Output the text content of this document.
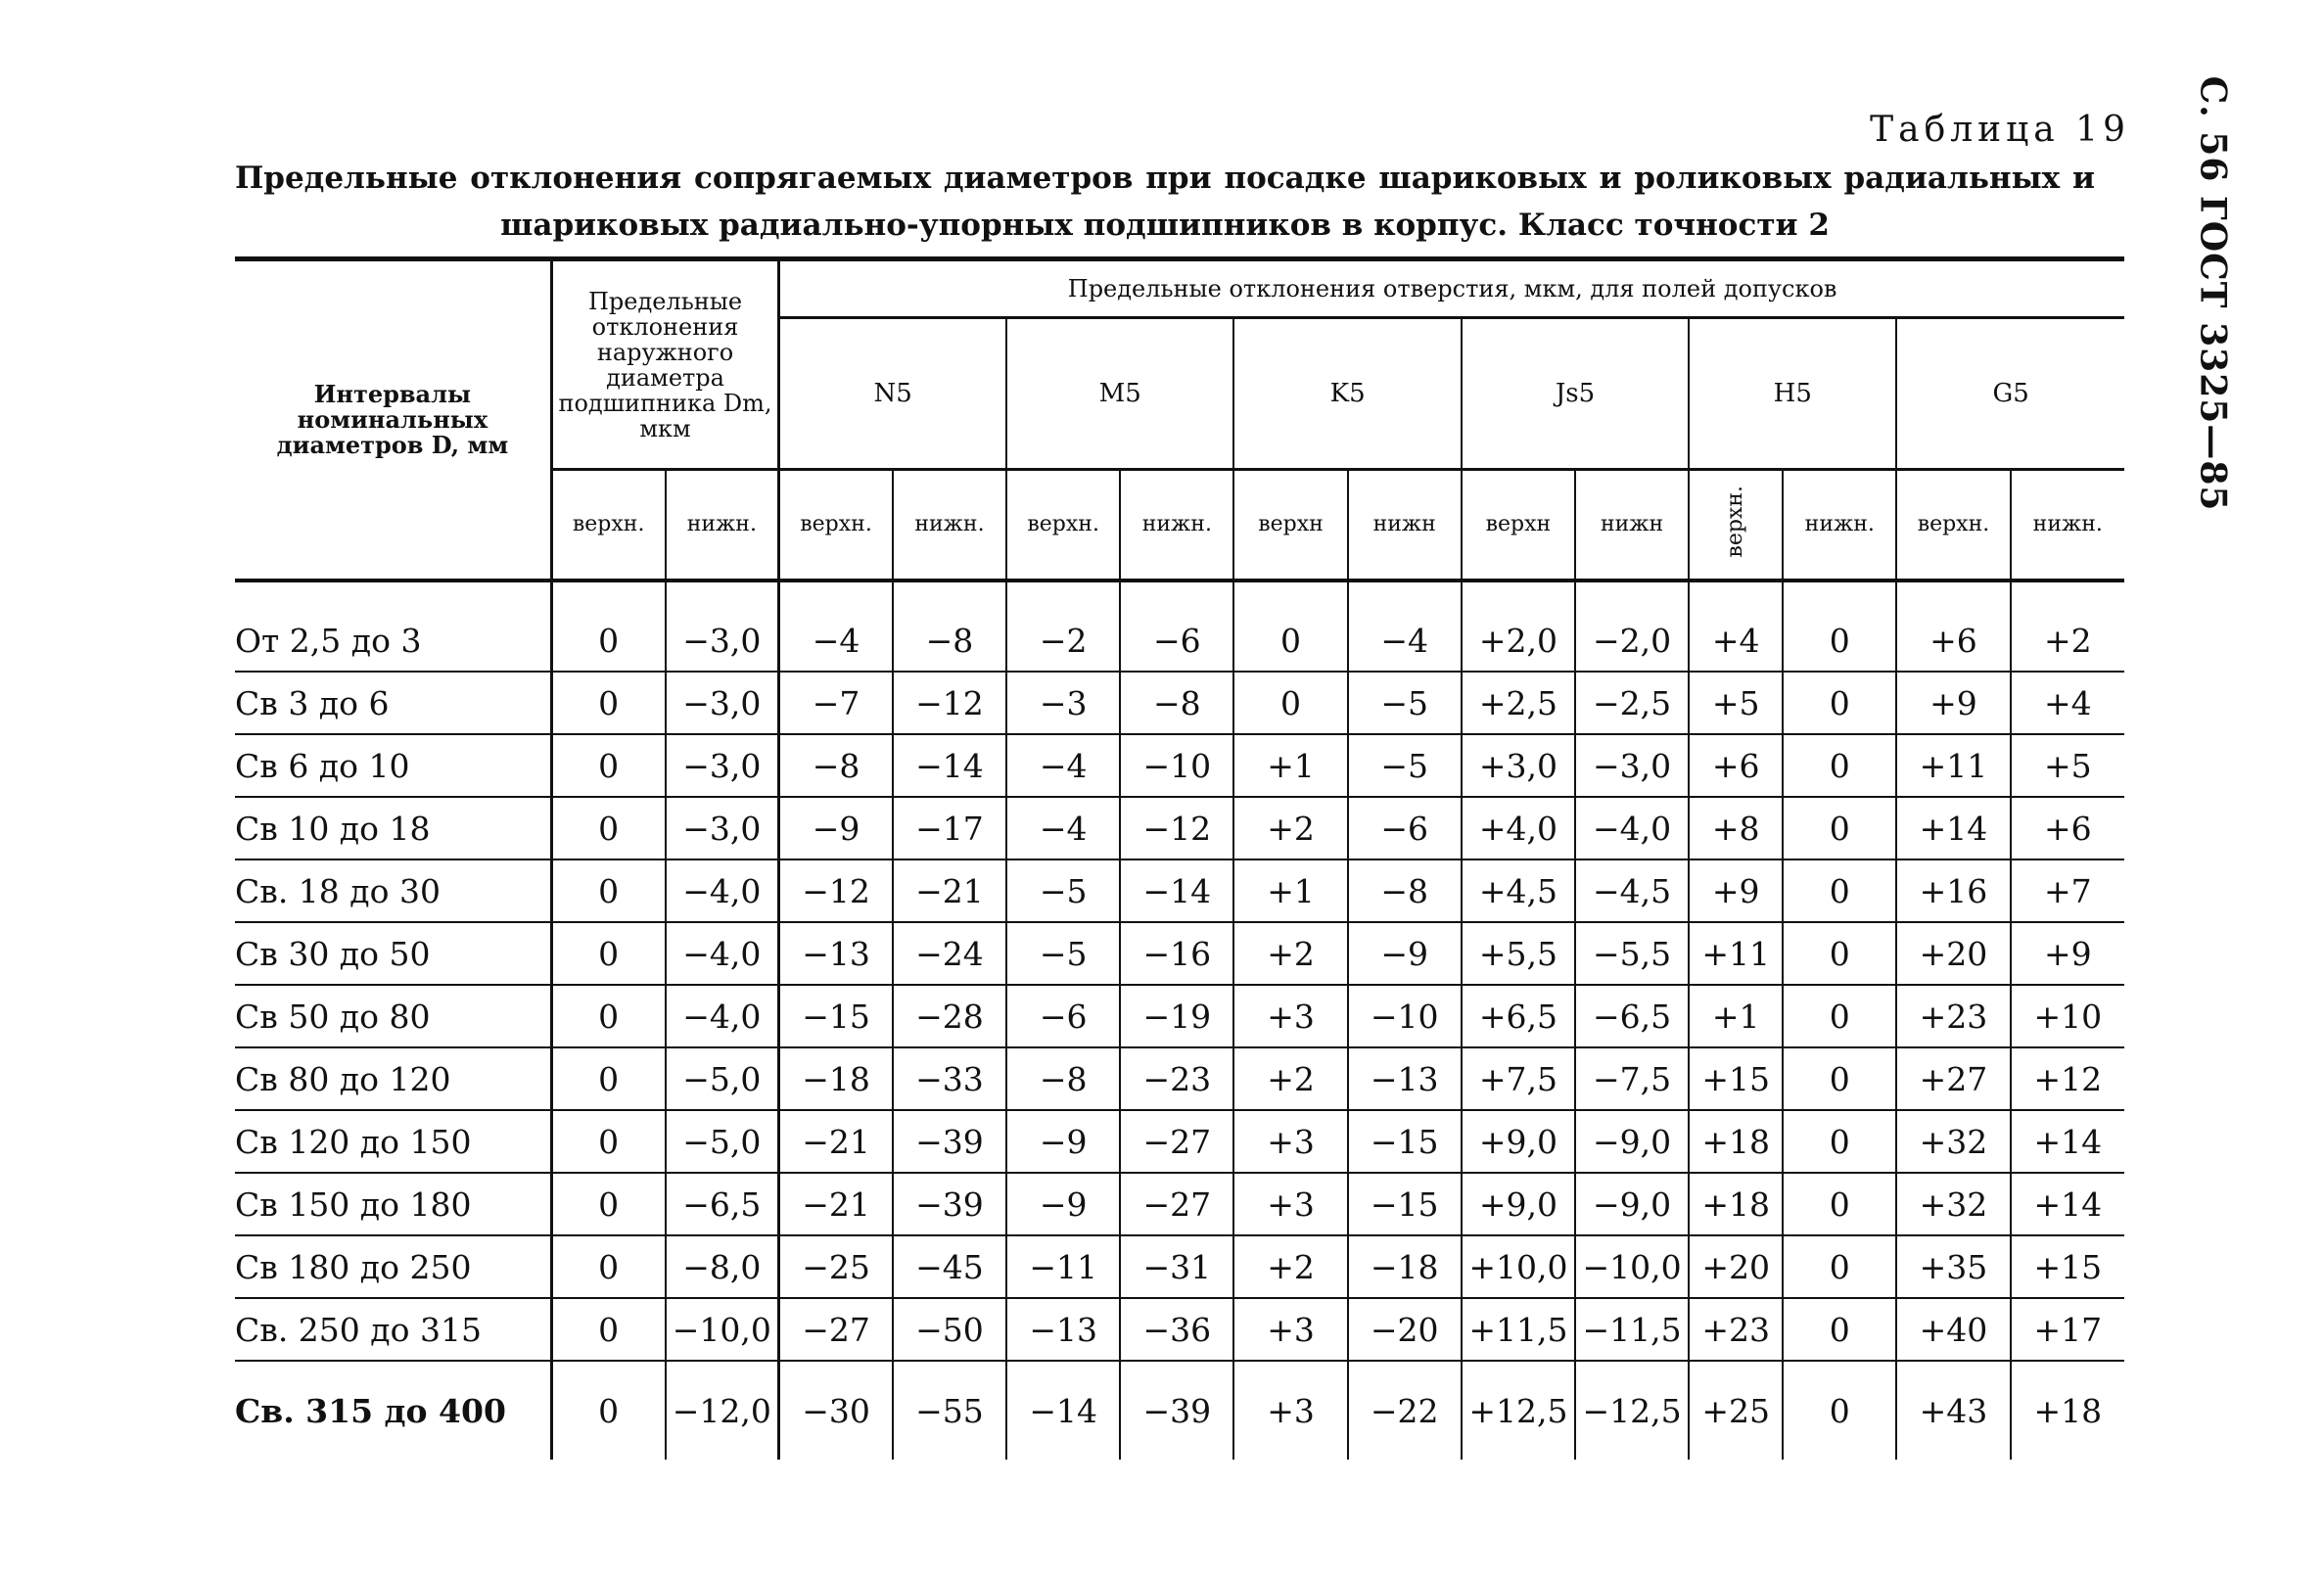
С. 56 ГОСТ 3325—85
Таблица 19
Предельные отклонения сопрягаемых диаметров при посадке шариковых и роликовых радиальных и
шариковых радиально-упорных подшипников в корпус. Класс точности 2
Интервалы номинальных диаметров D, мм	Предельные отклонения наружного диаметра подшипника Dm, мкм		Предельные отклонения отверстия, мкм, для полей допусков											
			N5		M5		K5		Js5		H5		G5	
	верхн.	нижн.	верхн.	нижн.	верхн.	нижн.	верхн	нижн	верхн	нижн	верхн.	нижн.	верхн.	нижн.
От 2,5 до 3	0	−3,0	−4	−8	−2	−6	0	−4	+2,0	−2,0	+4	0	+6	+2
Св 3 до 6	0	−3,0	−7	−12	−3	−8	0	−5	+2,5	−2,5	+5	0	+9	+4
Св 6 до 10	0	−3,0	−8	−14	−4	−10	+1	−5	+3,0	−3,0	+6	0	+11	+5
Св 10 до 18	0	−3,0	−9	−17	−4	−12	+2	−6	+4,0	−4,0	+8	0	+14	+6
Св. 18 до 30	0	−4,0	−12	−21	−5	−14	+1	−8	+4,5	−4,5	+9	0	+16	+7
Св 30 до 50	0	−4,0	−13	−24	−5	−16	+2	−9	+5,5	−5,5	+11	0	+20	+9
Св 50 до 80	0	−4,0	−15	−28	−6	−19	+3	−10	+6,5	−6,5	+1	0	+23	+10
Св 80 до 120	0	−5,0	−18	−33	−8	−23	+2	−13	+7,5	−7,5	+15	0	+27	+12
Св 120 до 150	0	−5,0	−21	−39	−9	−27	+3	−15	+9,0	−9,0	+18	0	+32	+14
Св 150 до 180	0	−6,5	−21	−39	−9	−27	+3	−15	+9,0	−9,0	+18	0	+32	+14
Св 180 до 250	0	−8,0	−25	−45	−11	−31	+2	−18	+10,0	−10,0	+20	0	+35	+15
Св. 250 до 315	0	−10,0	−27	−50	−13	−36	+3	−20	+11,5	−11,5	+23	0	+40	+17
Св. 315 до 400	0	−12,0	−30	−55	−14	−39	+3	−22	+12,5	−12,5	+25	0	+43	+18
